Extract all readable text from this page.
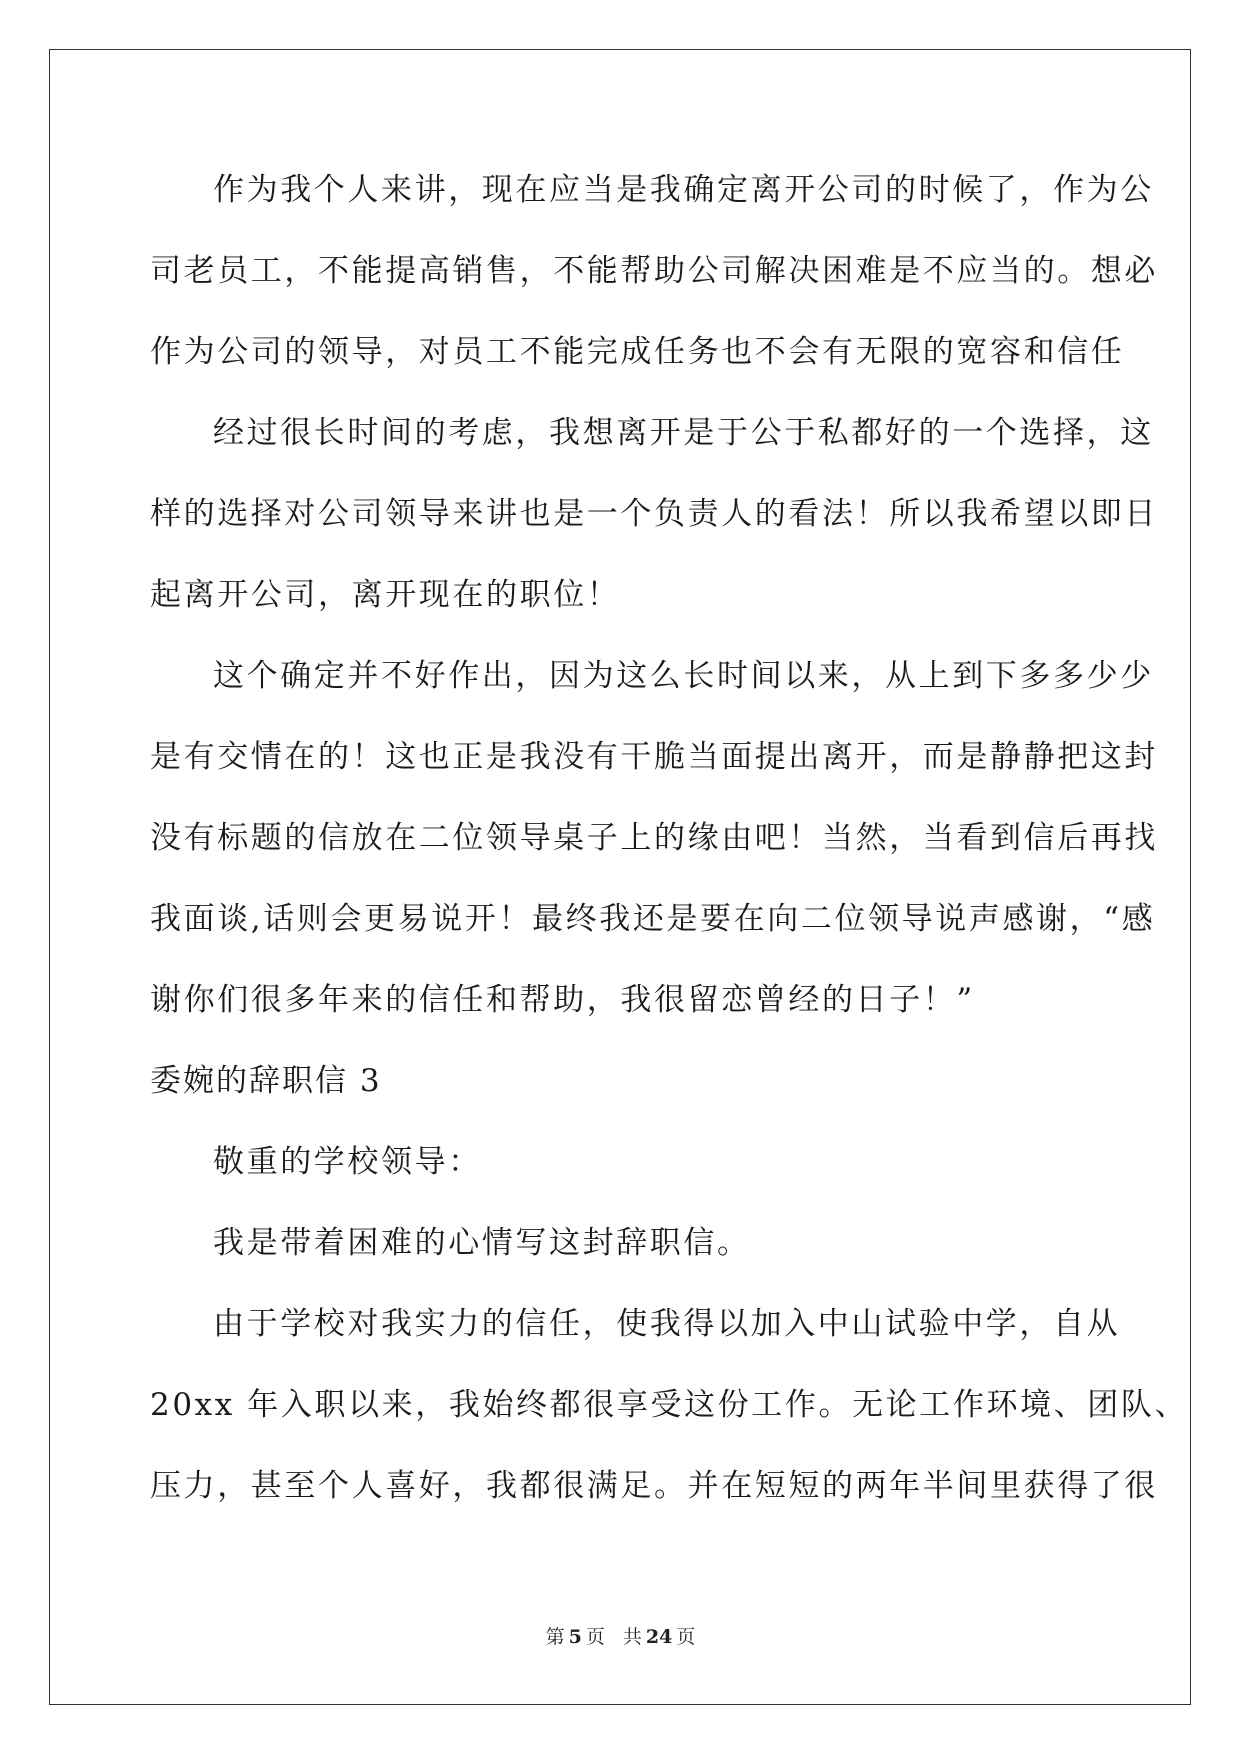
作为我个人来讲，现在应当是我确定离开公司的时候了，作为公
司老员工，不能提高销售，不能帮助公司解决困难是不应当的。想必
作为公司的领导，对员工不能完成任务也不会有无限的宽容和信任
经过很长时间的考虑，我想离开是于公于私都好的一个选择，这
样的选择对公司领导来讲也是一个负责人的看法！所以我希望以即日
起离开公司，离开现在的职位！
这个确定并不好作出，因为这么长时间以来，从上到下多多少少
是有交情在的！这也正是我没有干脆当面提出离开，而是静静把这封
没有标题的信放在二位领导桌子上的缘由吧！当然，当看到信后再找
我面谈,话则会更易说开！最终我还是要在向二位领导说声感谢，“感
谢你们很多年来的信任和帮助，我很留恋曾经的日子！”
委婉的辞职信 3
敬重的学校领导：
我是带着困难的心情写这封辞职信。
由于学校对我实力的信任，使我得以加入中山试验中学，自从
20xx 年入职以来，我始终都很享受这份工作。无论工作环境、团队、
压力，甚至个人喜好，我都很满足。并在短短的两年半间里获得了很
第 5 页 共 24 页
